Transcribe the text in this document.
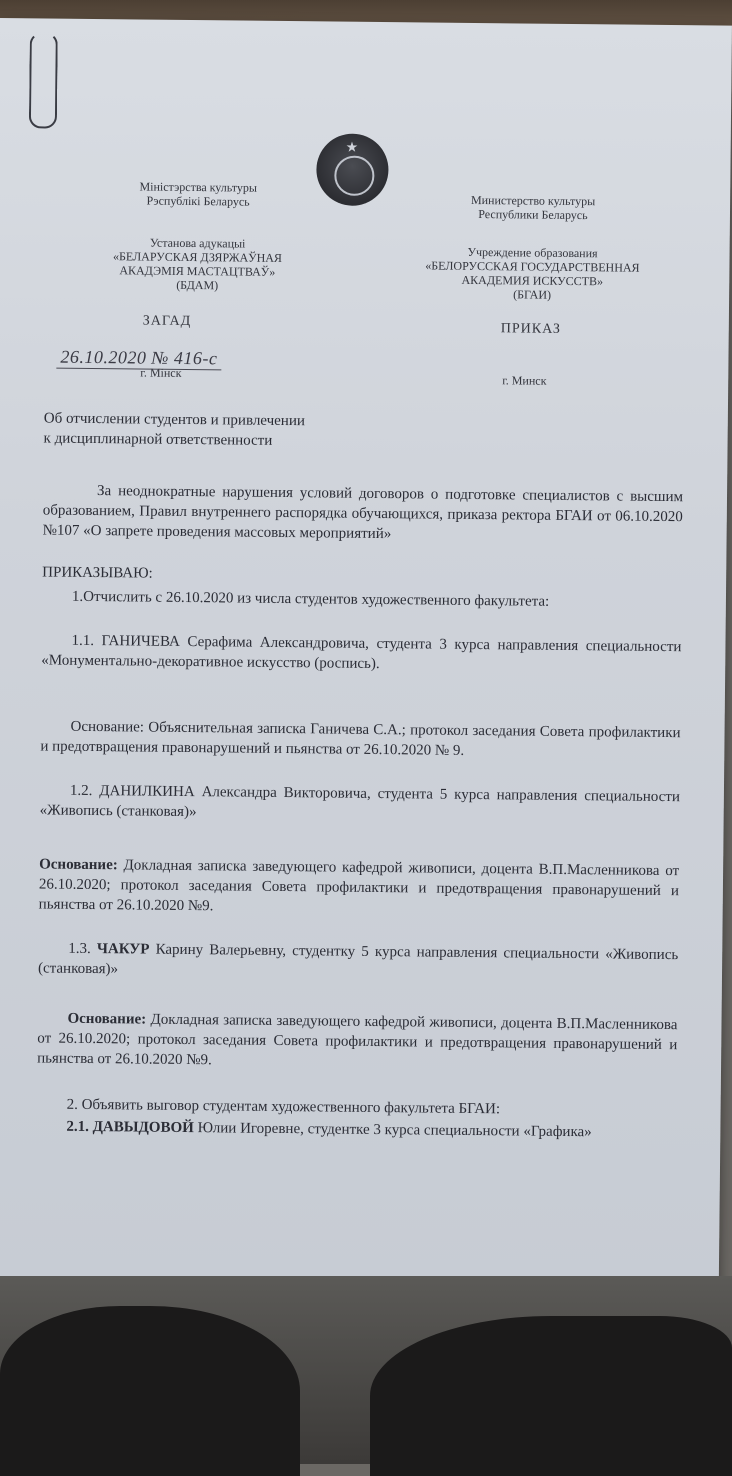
★
Міністэрства культуры
Рэспублікі Беларусь
Установа адукацыі
«БЕЛАРУСКАЯ ДЗЯРЖАЎНАЯ
АКАДЭМІЯ МАСТАЦТВАЎ»
(БДАМ)
ЗАГАД
г. Мінск
Министерство культуры
Республики Беларусь
Учреждение образования
«БЕЛОРУССКАЯ ГОСУДАРСТВЕННАЯ
АКАДЕМИЯ ИСКУССТВ»
(БГАИ)
ПРИКАЗ
г. Минск
26.10.2020 № 416-с
Об отчислении студентов и привлечении
к дисциплинарной ответственности
За неоднократные нарушения условий договоров о подготовке специалистов с высшим образованием, Правил внутреннего распорядка обучающихся, приказа ректора БГАИ от 06.10.2020 №107 «О запрете проведения массовых мероприятий»
ПРИКАЗЫВАЮ:
1.Отчислить с 26.10.2020 из числа студентов художественного факультета:

1.1. ГАНИЧЕВА Серафима Александровича, студента 3 курса направления специальности «Монументально-декоративное искусство (роспись).

Основание: Объяснительная записка Ганичева С.А.; протокол заседания Совета профилактики и предотвращения правонарушений и пьянства от 26.10.2020 № 9.

1.2. ДАНИЛКИНА Александра Викторовича, студента 5 курса направления специальности «Живопись (станковая)»

Основание: Докладная записка заведующего кафедрой живописи, доцента В.П.Масленникова от 26.10.2020; протокол заседания Совета профилактики и предотвращения правонарушений и пьянства от 26.10.2020 №9.

1.3. ЧАКУР Карину Валерьевну, студентку 5 курса направления специальности «Живопись (станковая)»

Основание: Докладная записка заведующего кафедрой живописи, доцента В.П.Масленникова от 26.10.2020; протокол заседания Совета профилактики и предотвращения правонарушений и пьянства от 26.10.2020 №9.

2. Объявить выговор студентам художественного факультета БГАИ:

2.1. ДАВЫДОВОЙ Юлии Игоревне, студентке 3 курса специальности «Графика»
